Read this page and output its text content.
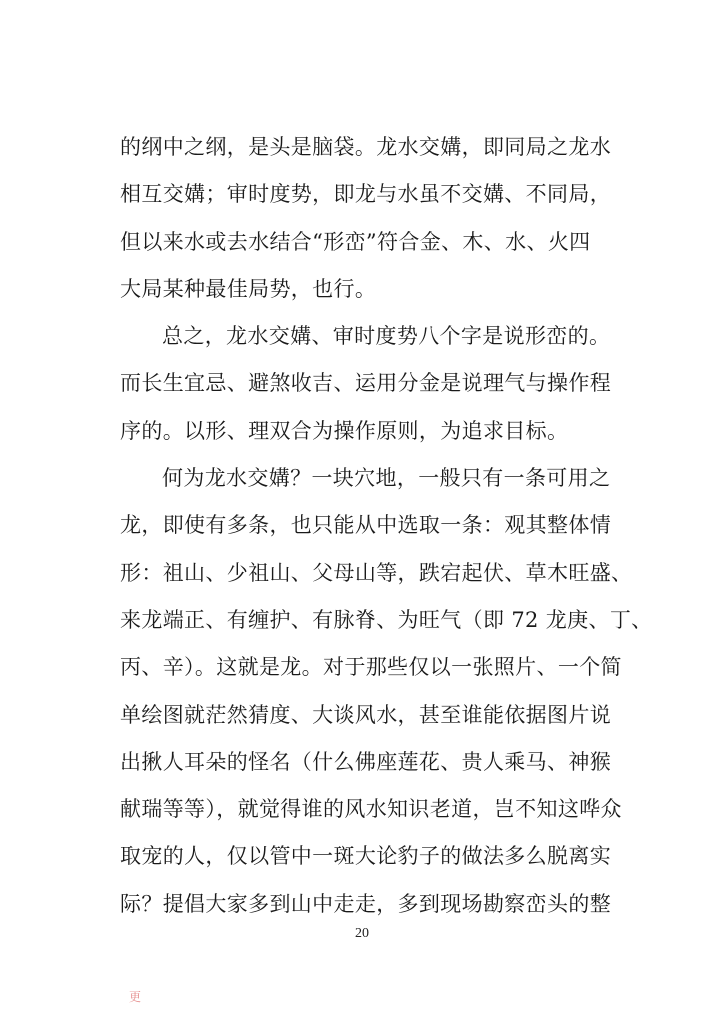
的纲中之纲，是头是脑袋。龙水交媾，即同局之龙水
相互交媾；审时度势，即龙与水虽不交媾、不同局，
但以来水或去水结合“形峦”符合金、木、水、火四
大局某种最佳局势，也行。
总之，龙水交媾、审时度势八个字是说形峦的。
而长生宜忌、避煞收吉、运用分金是说理气与操作程
序的。以形、理双合为操作原则，为追求目标。
何为龙水交媾？一块穴地，一般只有一条可用之
龙，即使有多条，也只能从中选取一条：观其整体情
形：祖山、少祖山、父母山等，跌宕起伏、草木旺盛、
来龙端正、有缠护、有脉脊、为旺气（即 72 龙庚、丁、
丙、辛）。这就是龙。对于那些仅以一张照片、一个简
单绘图就茫然猜度、大谈风水，甚至谁能依据图片说
出揪人耳朵的怪名（什么佛座莲花、贵人乘马、神猴
献瑞等等），就觉得谁的风水知识老道，岂不知这哗众
取宠的人，仅以管中一斑大论豹子的做法多么脱离实
际？提倡大家多到山中走走，多到现场勘察峦头的整
20
更
